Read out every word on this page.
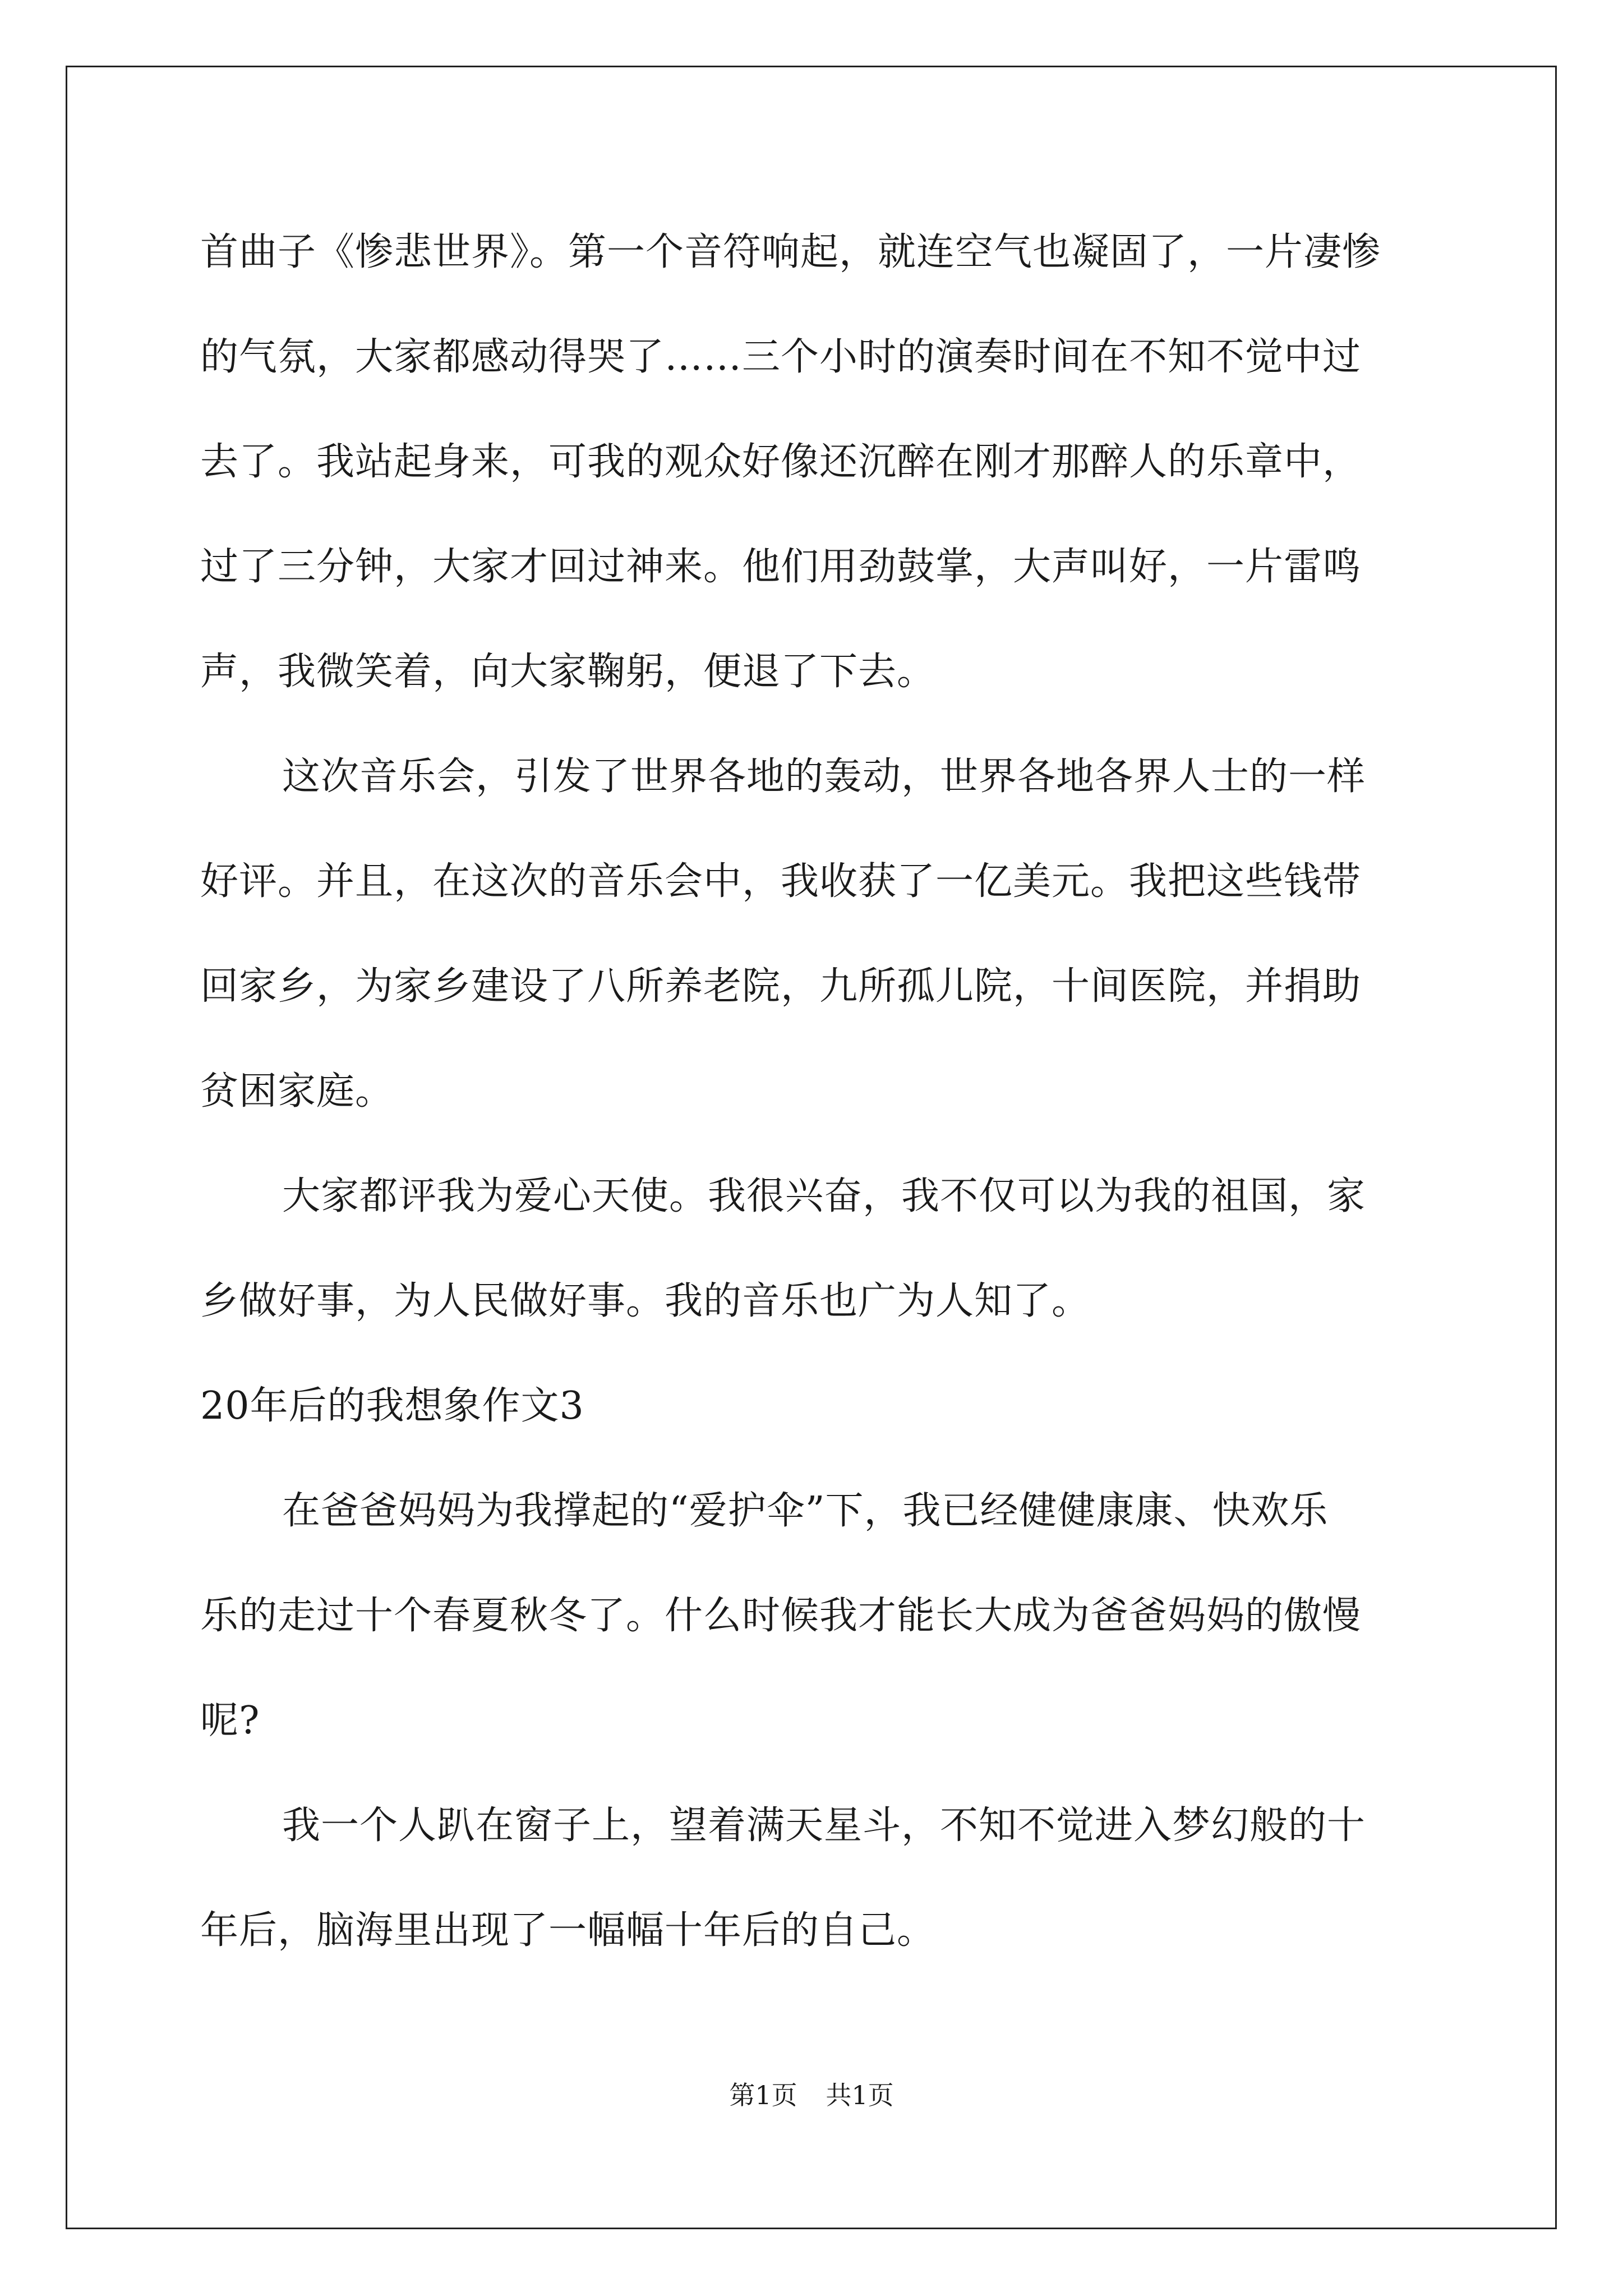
首曲子《惨悲世界》。第一个音符响起，就连空气也凝固了，一片凄惨
的气氛，大家都感动得哭了……三个小时的演奏时间在不知不觉中过
去了。我站起身来，可我的观众好像还沉醉在刚才那醉人的乐章中，
过了三分钟，大家才回过神来。他们用劲鼓掌，大声叫好，一片雷鸣
声，我微笑着，向大家鞠躬，便退了下去。
这次音乐会，引发了世界各地的轰动，世界各地各界人士的一样
好评。并且，在这次的音乐会中，我收获了一亿美元。我把这些钱带
回家乡，为家乡建设了八所养老院，九所孤儿院，十间医院，并捐助
贫困家庭。
大家都评我为爱心天使。我很兴奋，我不仅可以为我的祖国，家
乡做好事，为人民做好事。我的音乐也广为人知了。
20年后的我想象作文3
在爸爸妈妈为我撑起的“爱护伞”下，我已经健健康康、快欢乐
乐的走过十个春夏秋冬了。什么时候我才能长大成为爸爸妈妈的傲慢
呢?
我一个人趴在窗子上，望着满天星斗，不知不觉进入梦幻般的十
年后，脑海里出现了一幅幅十年后的自己。
第1页 共1页
